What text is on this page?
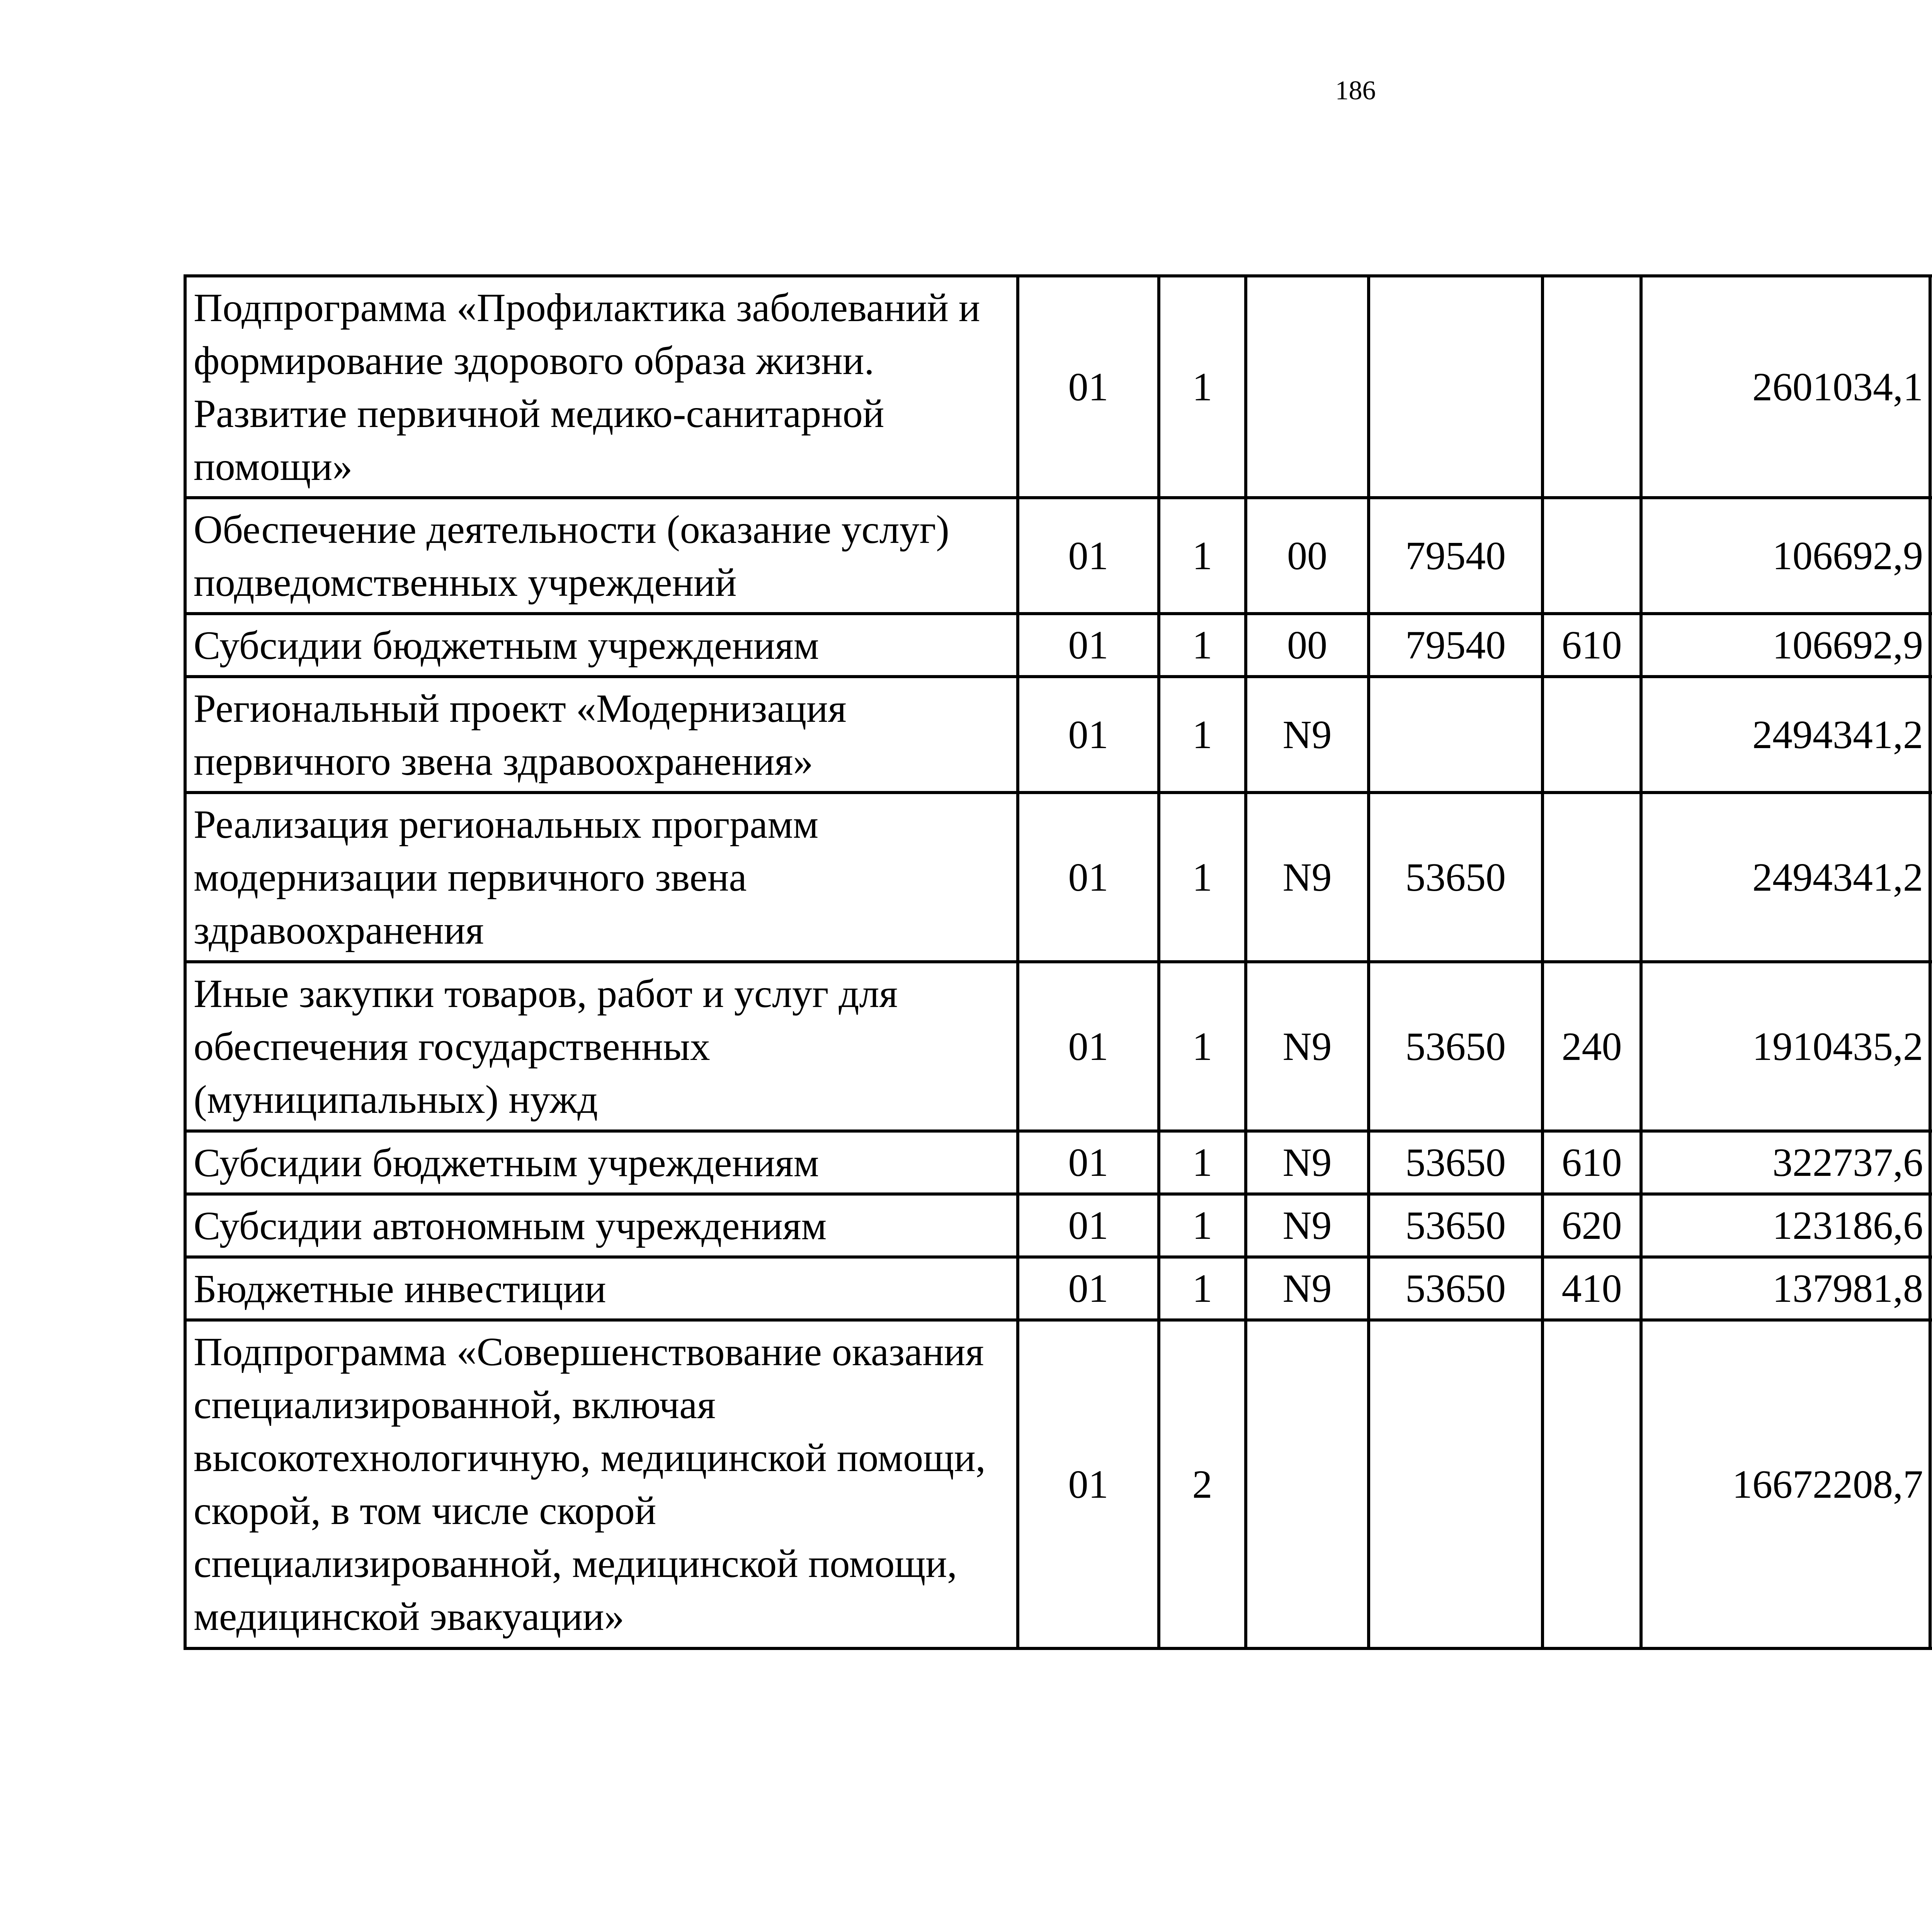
186
Подпрограмма «Профилактика заболеваний и формирование здорового образа жизни. Развитие первичной медико-санитарной помощи»	01	1				2601034,1		
Обеспечение деятельности (оказание услуг) подведомственных учреждений	01	1	00	79540		106692,9		
Субсидии бюджетным учреждениям	01	1	00	79540	610	106692,9		
Региональный проект «Модернизация первичного звена здравоохранения»	01	1	N9			2494341,2		
Реализация региональных программ модернизации первичного звена здравоохранения	01	1	N9	53650		2494341,2		
Иные закупки товаров, работ и услуг для обеспечения государственных (муниципальных) нужд	01	1	N9	53650	240	1910435,2		
Субсидии бюджетным учреждениям	01	1	N9	53650	610	322737,6		
Субсидии автономным учреждениям	01	1	N9	53650	620	123186,6		
Бюджетные инвестиции	01	1	N9	53650	410	137981,8		
Подпрограмма «Совершенствование оказания специализированной, включая высокотехнологичную, медицинской помощи, скорой, в том числе скорой специализированной, медицинской помощи, медицинской эвакуации»	01	2				16672208,7		
